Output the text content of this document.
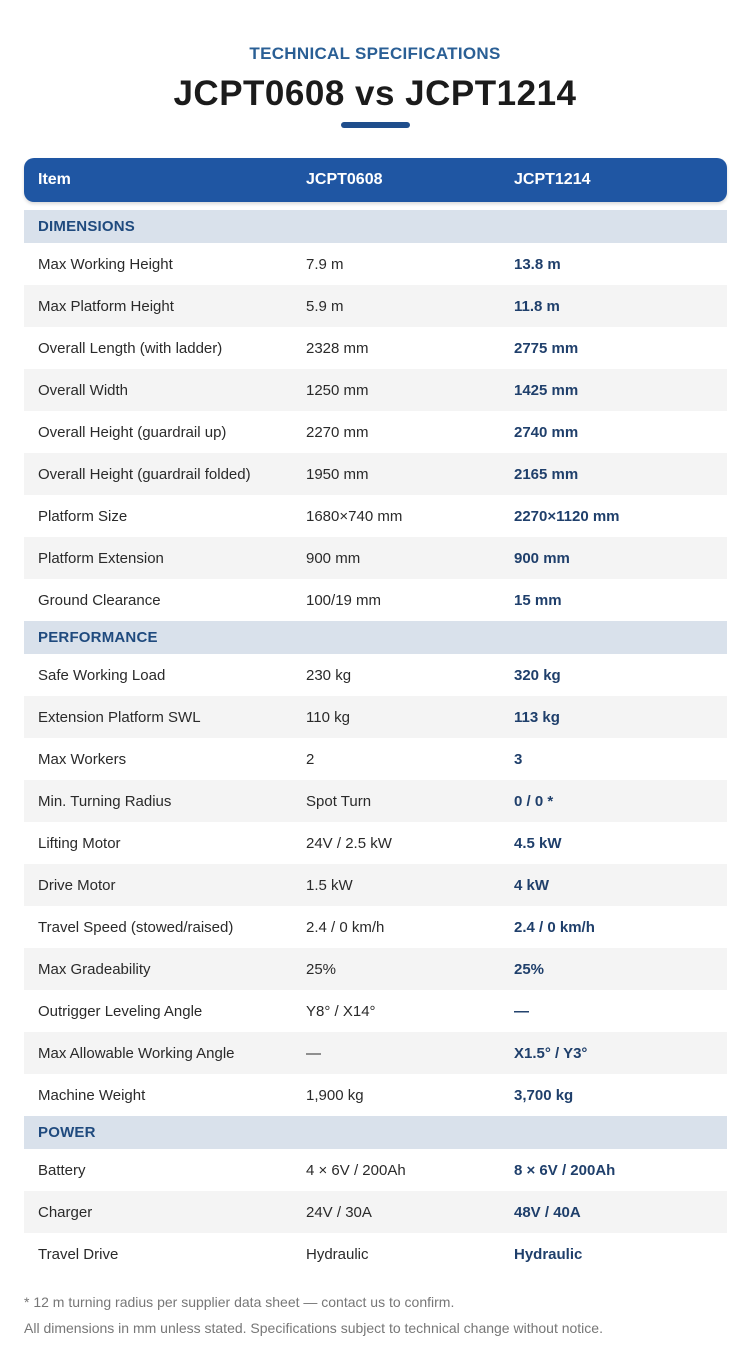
TECHNICAL SPECIFICATIONS
JCPT0608 vs JCPT1214
Item	JCPT0608	JCPT1214
DIMENSIONS
Max Working Height	7.9 m	13.8 m
Max Platform Height	5.9 m	11.8 m
Overall Length (with ladder)	2328 mm	2775 mm
Overall Width	1250 mm	1425 mm
Overall Height (guardrail up)	2270 mm	2740 mm
Overall Height (guardrail folded)	1950 mm	2165 mm
Platform Size	1680×740 mm	2270×1120 mm
Platform Extension	900 mm	900 mm
Ground Clearance	100/19 mm	15 mm
PERFORMANCE
Safe Working Load	230 kg	320 kg
Extension Platform SWL	110 kg	113 kg
Max Workers	2	3
Min. Turning Radius	Spot Turn	0 / 0 *
Lifting Motor	24V / 2.5 kW	4.5 kW
Drive Motor	1.5 kW	4 kW
Travel Speed (stowed/raised)	2.4 / 0 km/h	2.4 / 0 km/h
Max Gradeability	25%	25%
Outrigger Leveling Angle	Y8° / X14°	—
Max Allowable Working Angle	—	X1.5° / Y3°
Machine Weight	1,900 kg	3,700 kg
POWER
Battery	4 × 6V / 200Ah	8 × 6V / 200Ah
Charger	24V / 30A	48V / 40A
Travel Drive	Hydraulic	Hydraulic
* 12 m turning radius per supplier data sheet — contact us to confirm.
All dimensions in mm unless stated. Specifications subject to technical change without notice.
